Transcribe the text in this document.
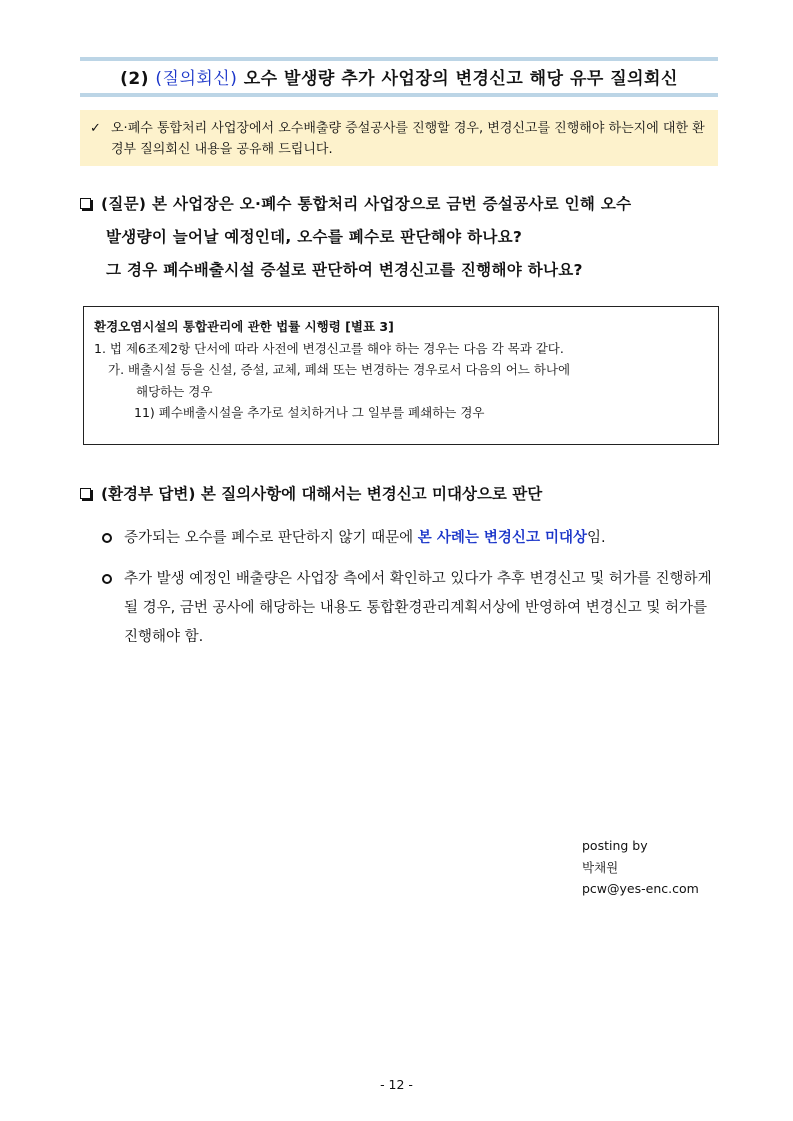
(2) (질의회신) 오수 발생량 추가 사업장의 변경신고 해당 유무 질의회신
✓ 오·폐수 통합처리 사업장에서 오수배출량 증설공사를 진행할 경우, 변경신고를 진행해야 하는지에 대한 환경부 질의회신 내용을 공유해 드립니다.
(질문) 본 사업장은 오·폐수 통합처리 사업장으로 금번 증설공사로 인해 오수
발생량이 늘어날 예정인데, 오수를 폐수로 판단해야 하나요?
그 경우 폐수배출시설 증설로 판단하여 변경신고를 진행해야 하나요?
환경오염시설의 통합관리에 관한 법률 시행령 [별표 3]
1. 법 제6조제2항 단서에 따라 사전에 변경신고를 해야 하는 경우는 다음 각 목과 같다.
가. 배출시설 등을 신설, 증설, 교체, 폐쇄 또는 변경하는 경우로서 다음의 어느 하나에
해당하는 경우
11) 폐수배출시설을 추가로 설치하거나 그 일부를 폐쇄하는 경우
(환경부 답변) 본 질의사항에 대해서는 변경신고 미대상으로 판단
증가되는 오수를 폐수로 판단하지 않기 때문에 본 사례는 변경신고 미대상임.
추가 발생 예정인 배출량은 사업장 측에서 확인하고 있다가 추후 변경신고 및 허가를 진행하게 될 경우, 금번 공사에 해당하는 내용도 통합환경관리계획서상에 반영하여 변경신고 및 허가를 진행해야 함.
posting by
박채원
pcw@yes-enc.com
- 12 -
